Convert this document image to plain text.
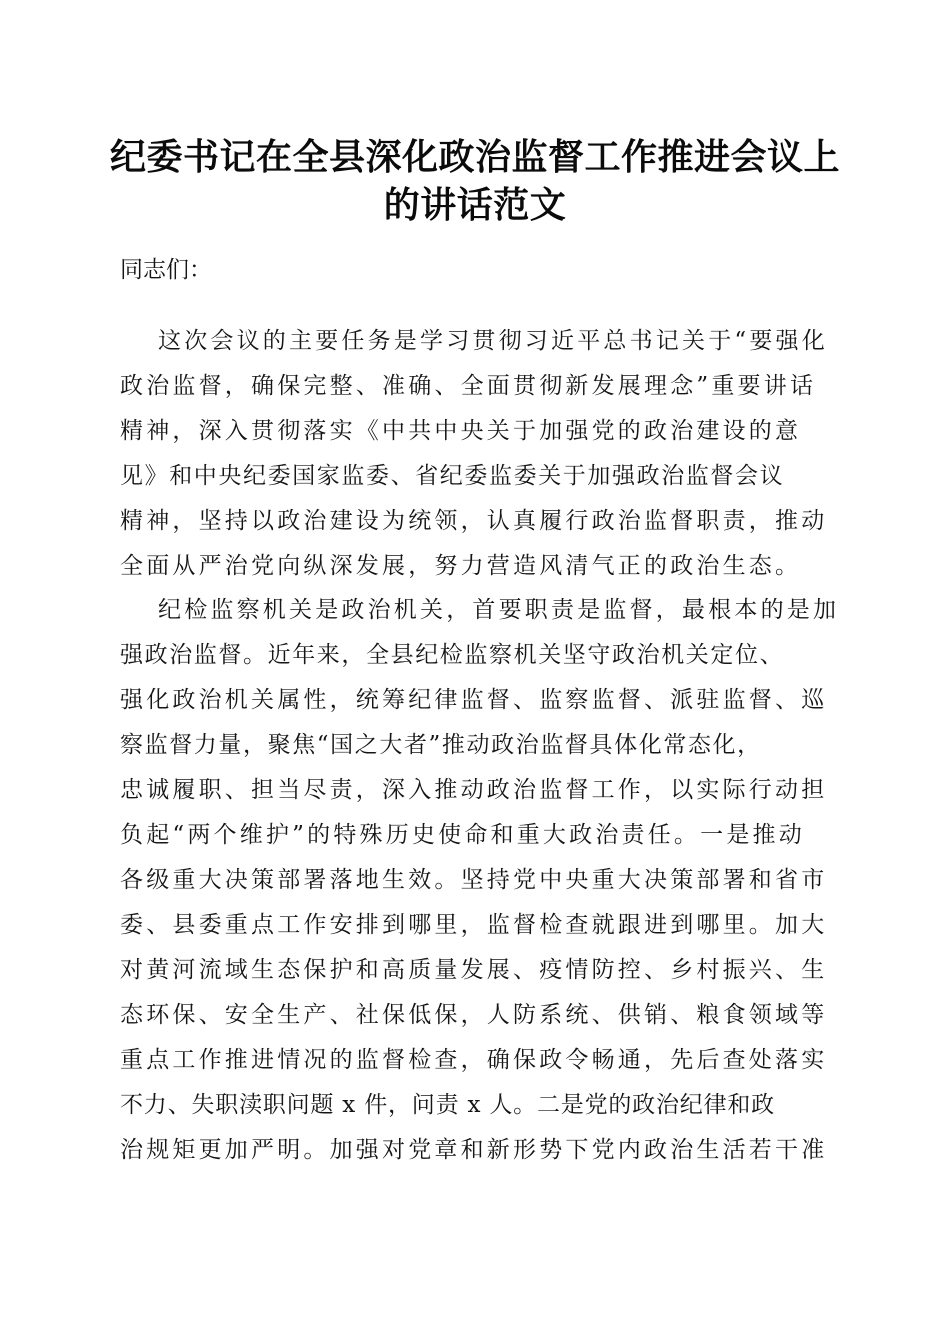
纪委书记在全县深化政治监督工作推进会议上
的讲话范文

同志们：

这次会议的主要任务是学习贯彻习近平总书记关于“要强化
政治监督，确保完整、准确、全面贯彻新发展理念”重要讲话
精神，深入贯彻落实《中共中央关于加强党的政治建设的意
见》和中央纪委国家监委、省纪委监委关于加强政治监督会议
精神，坚持以政治建设为统领，认真履行政治监督职责，推动
全面从严治党向纵深发展，努力营造风清气正的政治生态。
纪检监察机关是政治机关，首要职责是监督，最根本的是加
强政治监督。近年来，全县纪检监察机关坚守政治机关定位、
强化政治机关属性，统筹纪律监督、监察监督、派驻监督、巡
察监督力量，聚焦“国之大者”推动政治监督具体化常态化，
忠诚履职、担当尽责，深入推动政治监督工作，以实际行动担
负起“两个维护”的特殊历史使命和重大政治责任。一是推动
各级重大决策部署落地生效。坚持党中央重大决策部署和省市
委、县委重点工作安排到哪里，监督检查就跟进到哪里。加大
对黄河流域生态保护和高质量发展、疫情防控、乡村振兴、生
态环保、安全生产、社保低保，人防系统、供销、粮食领域等
重点工作推进情况的监督检查，确保政令畅通，先后查处落实
不力、失职渎职问题 x 件，问责 x 人。二是党的政治纪律和政
治规矩更加严明。加强对党章和新形势下党内政治生活若干准
